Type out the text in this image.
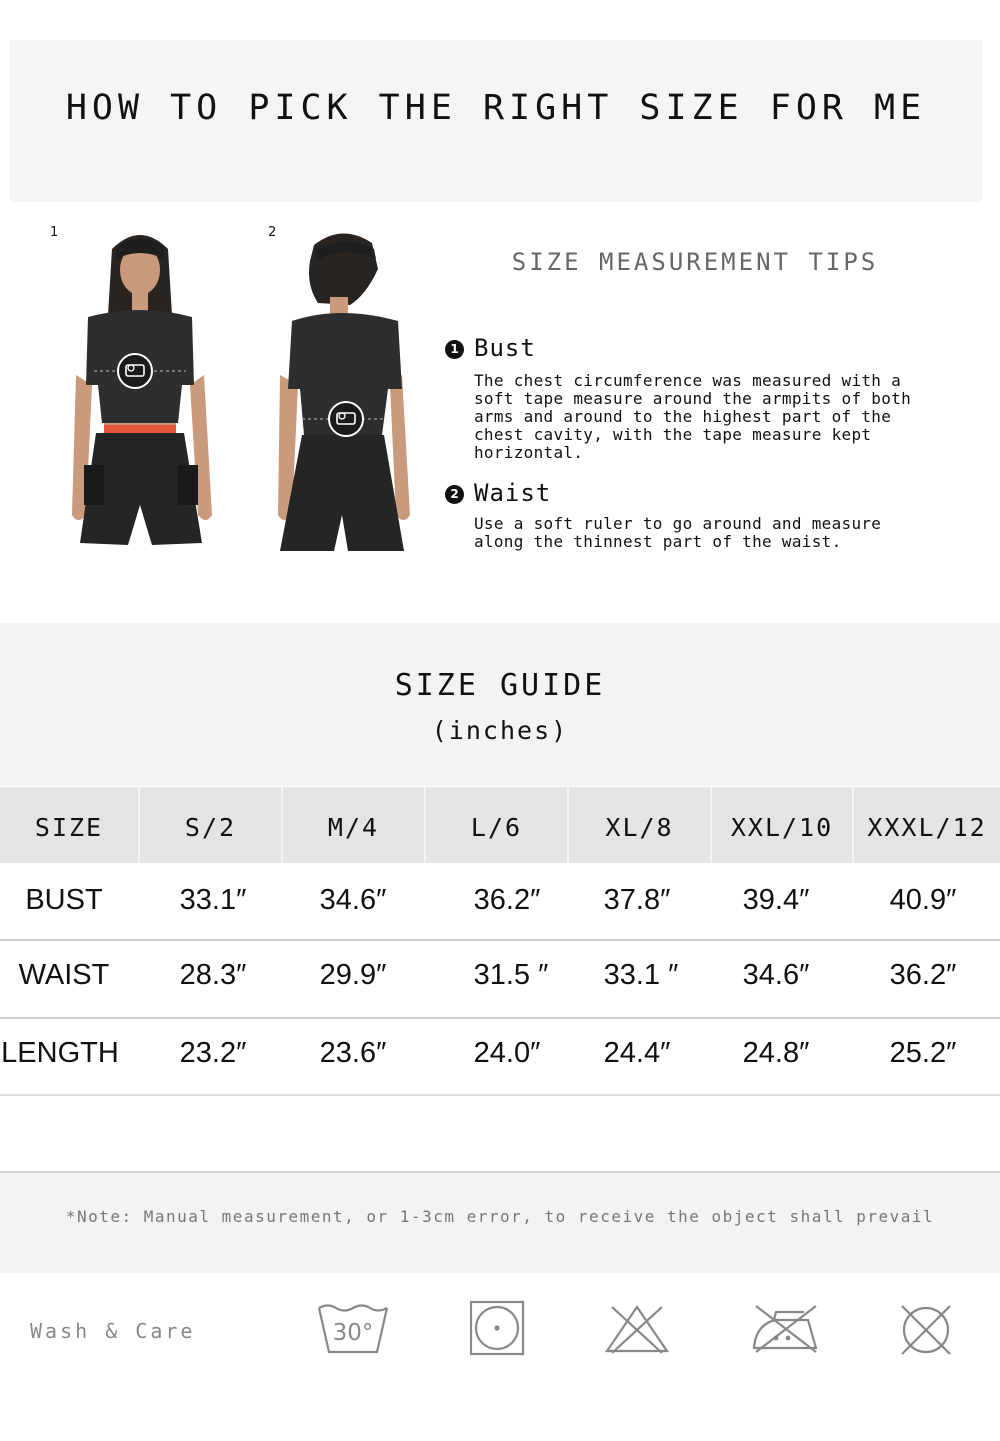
HOW TO PICK THE RIGHT SIZE FOR ME
1	2
SIZE MEASUREMENT TIPS
1 Bust
The chest circumference was measured with a
soft tape measure around the armpits of both
arms and around to the highest part of the
chest cavity, with the tape measure kept
horizontal.
2 Waist
Use a soft ruler to go around and measure
along the thinnest part of the waist.
SIZE GUIDE
(inches)
SIZE	S/2	M/4	L/6	XL/8	XXL/10	XXXL/12
BUST	33.1″	34.6″	36.2″	37.8″	39.4″	40.9″
WAIST	28.3″	29.9″	31.5 ″	33.1 ″	34.6″	36.2″
LENGTH	23.2″	23.6″	24.0″	24.4″	24.8″	25.2″
*Note: Manual measurement, or 1-3cm error, to receive the object shall prevail
Wash & Care	30°
